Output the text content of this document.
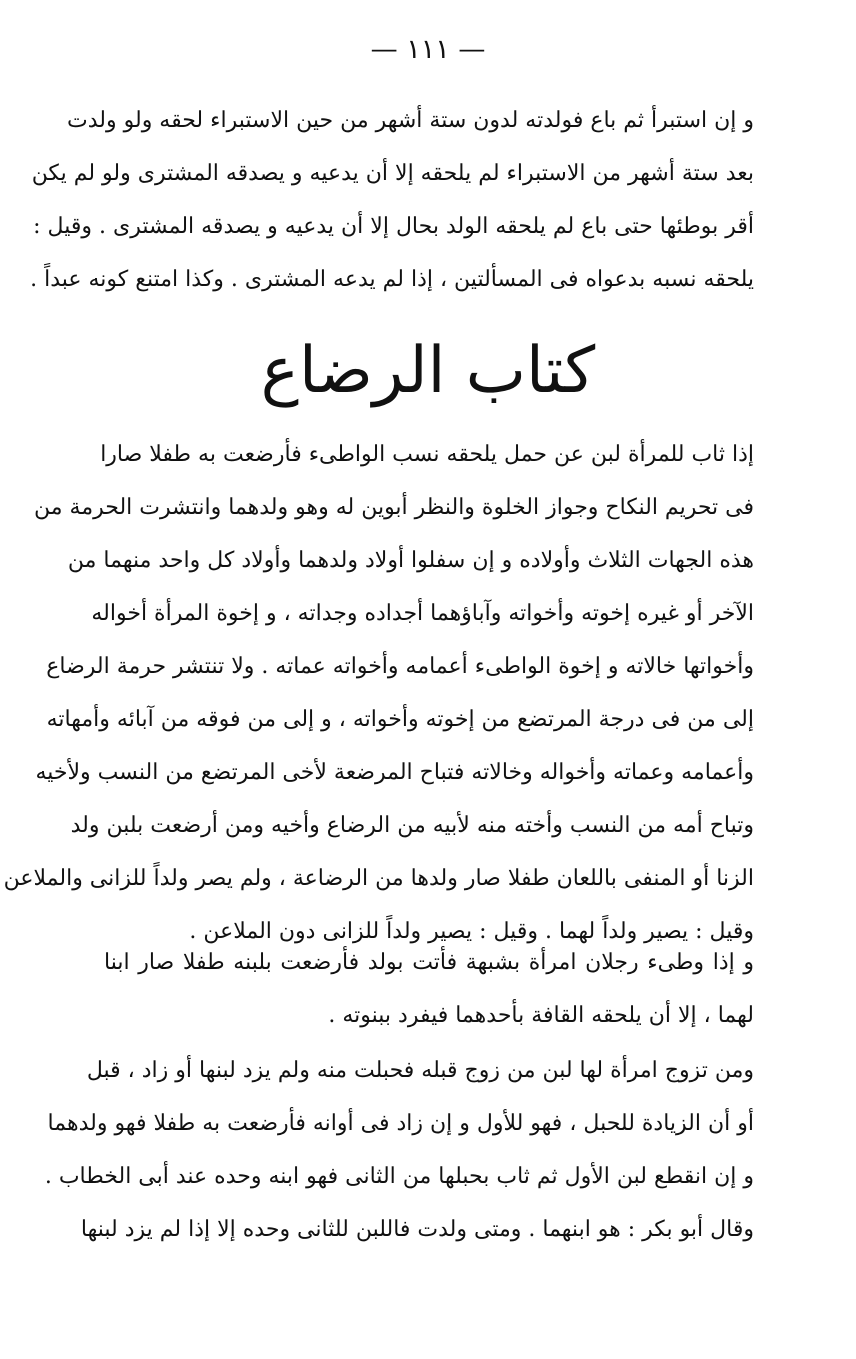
— ١١١ —
و إن استبرأ ثم باع فولدته لدون ستة أشهر من حين الاستبراء لحقه ولو ولدت
بعد ستة أشهر من الاستبراء لم يلحقه إلا أن يدعيه و يصدقه المشترى ولو لم يكن
أقر بوطئها حتى باع لم يلحقه الولد بحال إلا أن يدعيه و يصدقه المشترى . وقيل :
يلحقه نسبه بدعواه فى المسألتين ، إذا لم يدعه المشترى . وكذا امتنع كونه عبداً .
كتاب الرضاع
إذا ثاب للمرأة لبن عن حمل يلحقه نسب الواطىء فأرضعت به طفلا صارا
فى تحريم النكاح وجواز الخلوة والنظر أبوين له وهو ولدهما وانتشرت الحرمة من
هذه الجهات الثلاث وأولاده و إن سفلوا أولاد ولدهما وأولاد كل واحد منهما من
الآخر أو غيره إخوته وأخواته وآباؤهما أجداده وجداته ، و إخوة المرأة أخواله
وأخواتها خالاته و إخوة الواطىء أعمامه وأخواته عماته . ولا تنتشر حرمة الرضاع
إلى من فى درجة المرتضع من إخوته وأخواته ، و إلى من فوقه من آبائه وأمهاته
وأعمامه وعماته وأخواله وخالاته فتباح المرضعة لأخى المرتضع من النسب ولأخيه
وتباح أمه من النسب وأخته منه لأبيه من الرضاع وأخيه ومن أرضعت بلبن ولد
الزنا أو المنفى باللعان طفلا صار ولدها من الرضاعة ، ولم يصر ولداً للزانى والملاعن
وقيل : يصير ولداً لهما . وقيل : يصير ولداً للزانى دون الملاعن .
و إذا وطىء رجلان امرأة بشبهة فأتت بولد فأرضعت بلبنه طفلا صار ابنا
لهما ، إلا أن يلحقه القافة بأحدهما فيفرد ببنوته .
ومن تزوج امرأة لها لبن من زوج قبله فحبلت منه ولم يزد لبنها أو زاد ، قبل
أو أن الزيادة للحبل ، فهو للأول و إن زاد فى أوانه فأرضعت به طفلا فهو ولدهما
و إن انقطع لبن الأول ثم ثاب بحبلها من الثانى فهو ابنه وحده عند أبى الخطاب .
وقال أبو بكر : هو ابنهما . ومتى ولدت فاللبن للثانى وحده إلا إذا لم يزد لبنها
